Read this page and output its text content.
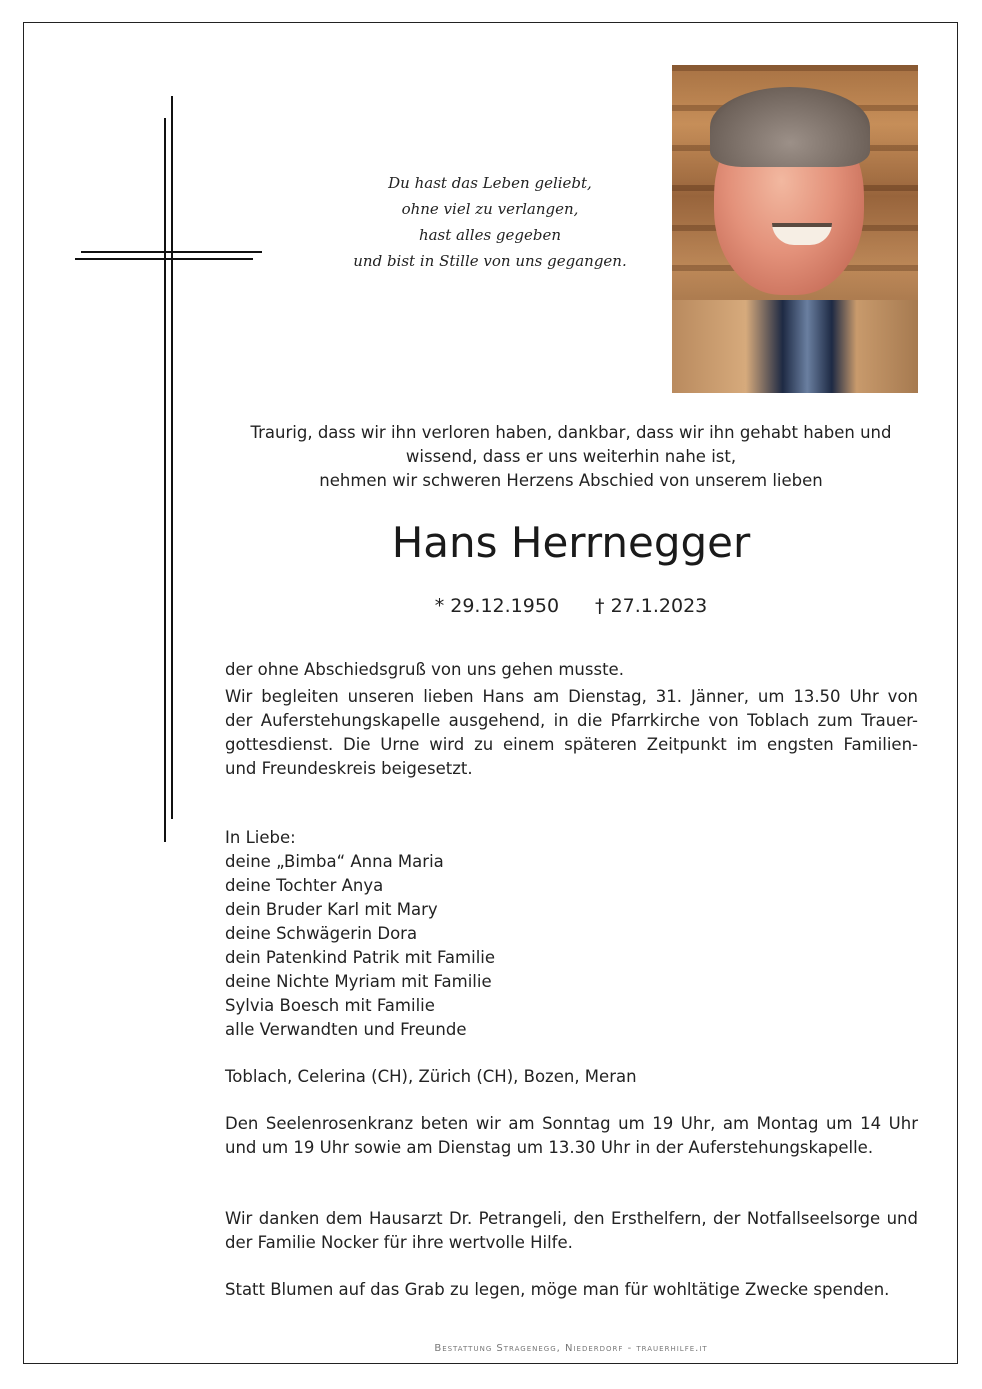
Du hast das Leben geliebt,
ohne viel zu verlangen,
hast alles gegeben
und bist in Stille von uns gegangen.
Traurig, dass wir ihn verloren haben, dankbar, dass wir ihn gehabt haben und
wissend, dass er uns weiterhin nahe ist,
nehmen wir schweren Herzens Abschied von unserem lieben
Hans Herrnegger
* 29.12.1950 † 27.1.2023
der ohne Abschiedsgruß von uns gehen musste.
Wir begleiten unseren lieben Hans am Dienstag, 31. Jänner, um 13.50 Uhr von
der Auferstehungskapelle ausgehend, in die Pfarrkirche von Toblach zum Trauer-
gottesdienst. Die Urne wird zu einem späteren Zeitpunkt im engsten Familien-
und Freundeskreis beigesetzt.
In Liebe:
deine „Bimba“ Anna Maria
deine Tochter Anya
dein Bruder Karl mit Mary
deine Schwägerin Dora
dein Patenkind Patrik mit Familie
deine Nichte Myriam mit Familie
Sylvia Boesch mit Familie
alle Verwandten und Freunde
Toblach, Celerina (CH), Zürich (CH), Bozen, Meran
Den Seelenrosenkranz beten wir am Sonntag um 19 Uhr, am Montag um 14 Uhr
und um 19 Uhr sowie am Dienstag um 13.30 Uhr in der Auferstehungskapelle.
Wir danken dem Hausarzt Dr. Petrangeli, den Ersthelfern, der Notfallseelsorge und
der Familie Nocker für ihre wertvolle Hilfe.
Statt Blumen auf das Grab zu legen, möge man für wohltätige Zwecke spenden.
Bestattung Stragenegg, Niederdorf - trauerhilfe.it
